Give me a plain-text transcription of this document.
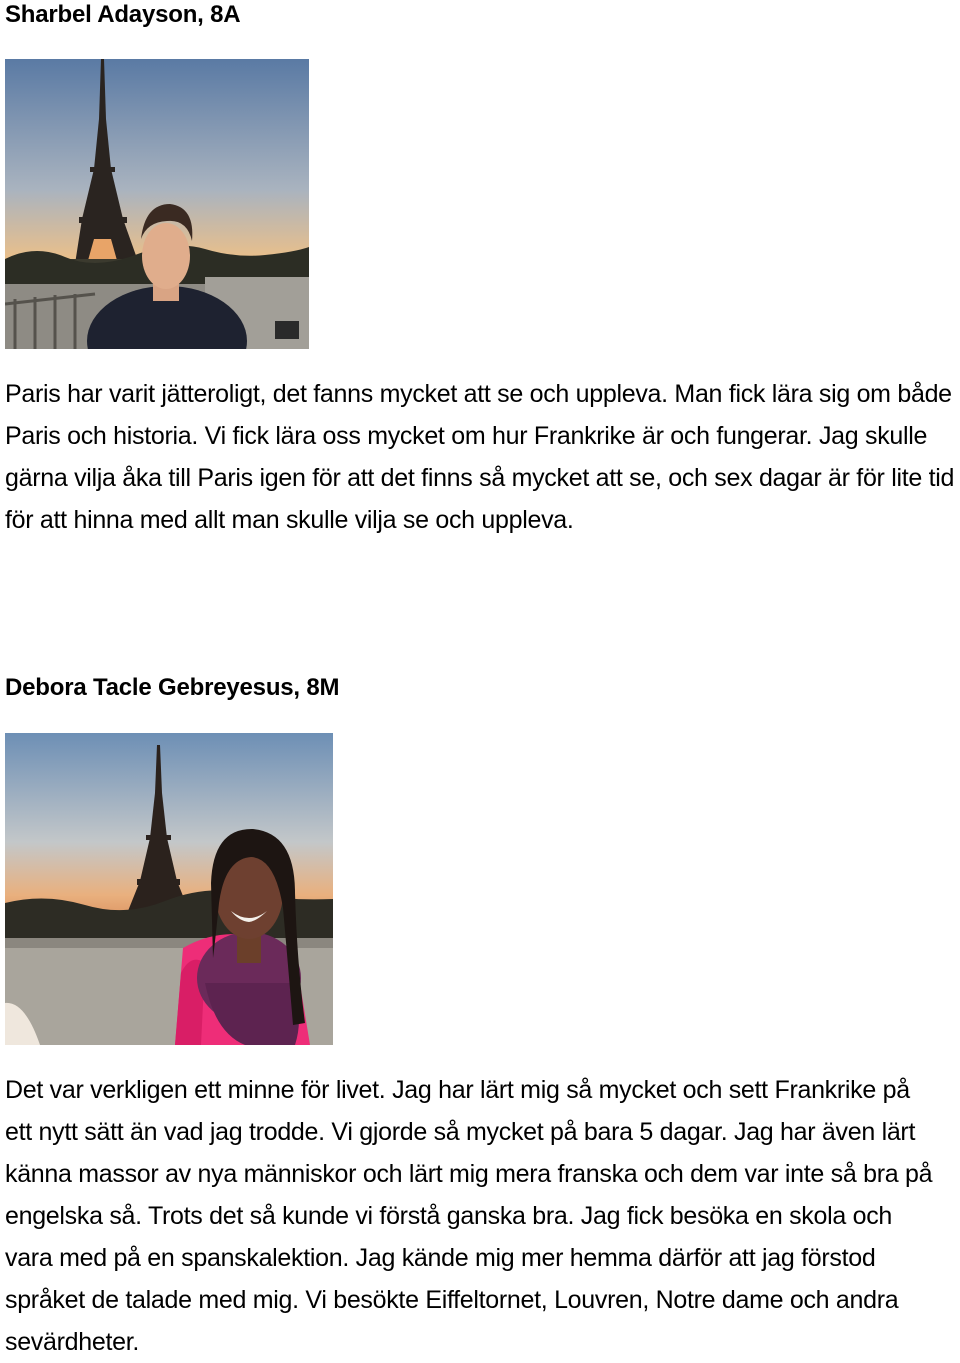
Sharbel Adayson, 8A

Paris har varit jätteroligt, det fanns mycket att se och uppleva. Man fick lära sig om både Paris och historia. Vi fick lära oss mycket om hur Frankrike är och fungerar. Jag skulle gärna vilja åka till Paris igen för att det finns så mycket att se, och sex dagar är för lite tid för att hinna med allt man skulle vilja se och uppleva.

Debora Tacle Gebreyesus, 8M

Det var verkligen ett minne för livet. Jag har lärt mig så mycket och sett Frankrike på ett nytt sätt än vad jag trodde. Vi gjorde så mycket på bara 5 dagar. Jag har även lärt känna massor av nya människor och lärt mig mera franska och dem var inte så bra på engelska så. Trots det så kunde vi förstå ganska bra. Jag fick besöka en skola och vara med på en spanskalektion. Jag kände mig mer hemma därför att jag förstod språket de talade med mig. Vi besökte Eiffeltornet, Louvren, Notre dame och andra sevärdheter.
